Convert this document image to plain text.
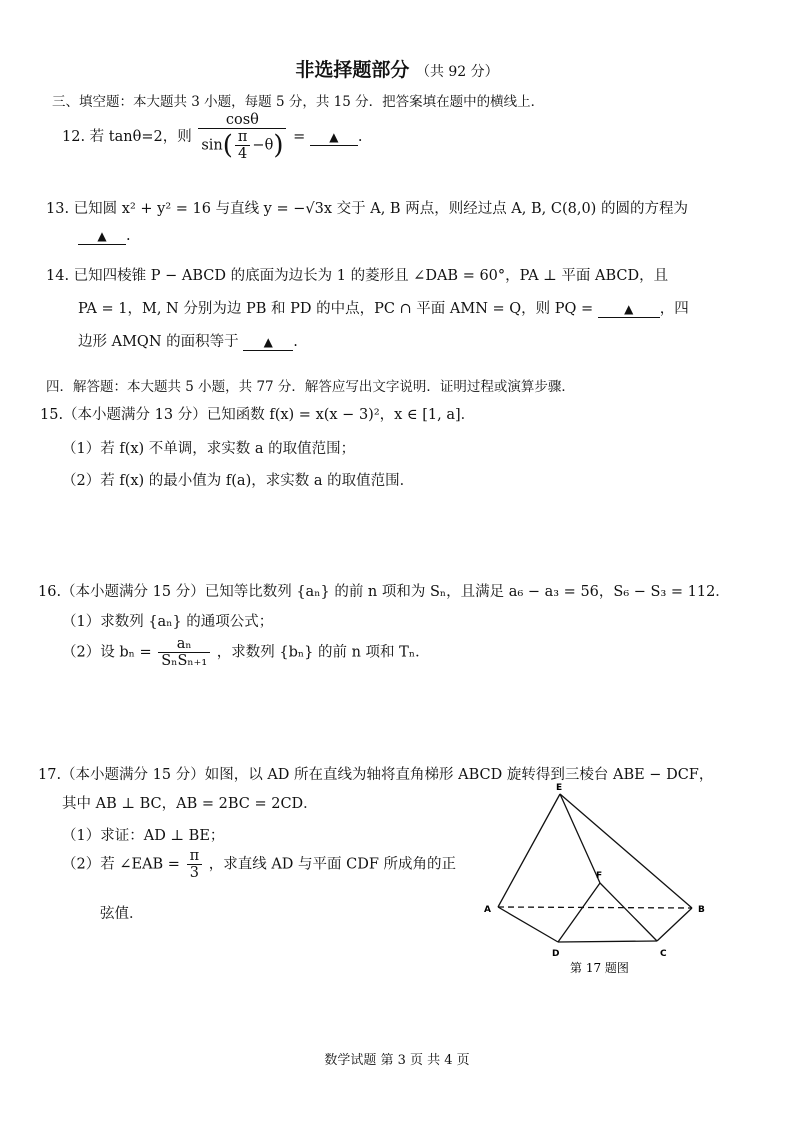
非选择题部分 （共 92 分）
三、填空题：本大题共 3 小题，每题 5 分，共 15 分．把答案填在题中的横线上．
12. 若 tanθ=2，则 $\frac{\cos\theta}{\sin( \frac{\pi}{4} -\theta)}$ = ▲ .
13. 已知圆 x² + y² = 16 与直线 y = −√3x 交于 A, B 两点，则经过点 A, B, C(8,0) 的圆的方程为
▲ .
14. 已知四棱锥 P − ABCD 的底面为边长为 1 的菱形且 ∠DAB = 60°，PA ⊥ 平面 ABCD，且
PA = 1，M, N 分别为边 PB 和 PD 的中点，PC ∩ 平面 AMN = Q，则 PQ =	▲ ，四
边形 AMQN 的面积等于 ▲ .
四．解答题：本大题共 5 小题，共 77 分．解答应写出文字说明．证明过程或演算步骤．
15.（本小题满分 13 分）已知函数 f(x) = x(x − 3)²，x ∈ [1, a]．
（1）若 f(x) 不单调，求实数 a 的取值范围；
（2）若 f(x) 的最小值为 f(a)，求实数 a 的取值范围．
16.（本小题满分 15 分）已知等比数列 {aₙ} 的前 n 项和为 Sₙ，且满足 a₆ − a₃ = 56，S₆ − S₃ = 112．
（1）求数列 {aₙ} 的通项公式；
（2）设 $b_n = \frac{\text{aₙ}}{\text{SₙSₙ₊₁}}$ ，求数列 {bₙ} 的前 n 项和 Tₙ．
17.（本小题满分 15 分）如图，以 AD 所在直线为轴将直角梯形 ABCD 旋转得到三棱台 ABE − DCF，
其中 AB ⊥ BC，AB = 2BC = 2CD．
（1）求证：AD ⊥ BE；
（2）若 ∠EAB = $\frac{\pi}{3}$ ，求直线 AD 与平面 CDF 所成角的正
弦值．
E
F
A	B
C
D
第 17 题图
数学试题 第 3 页 共 4 页
